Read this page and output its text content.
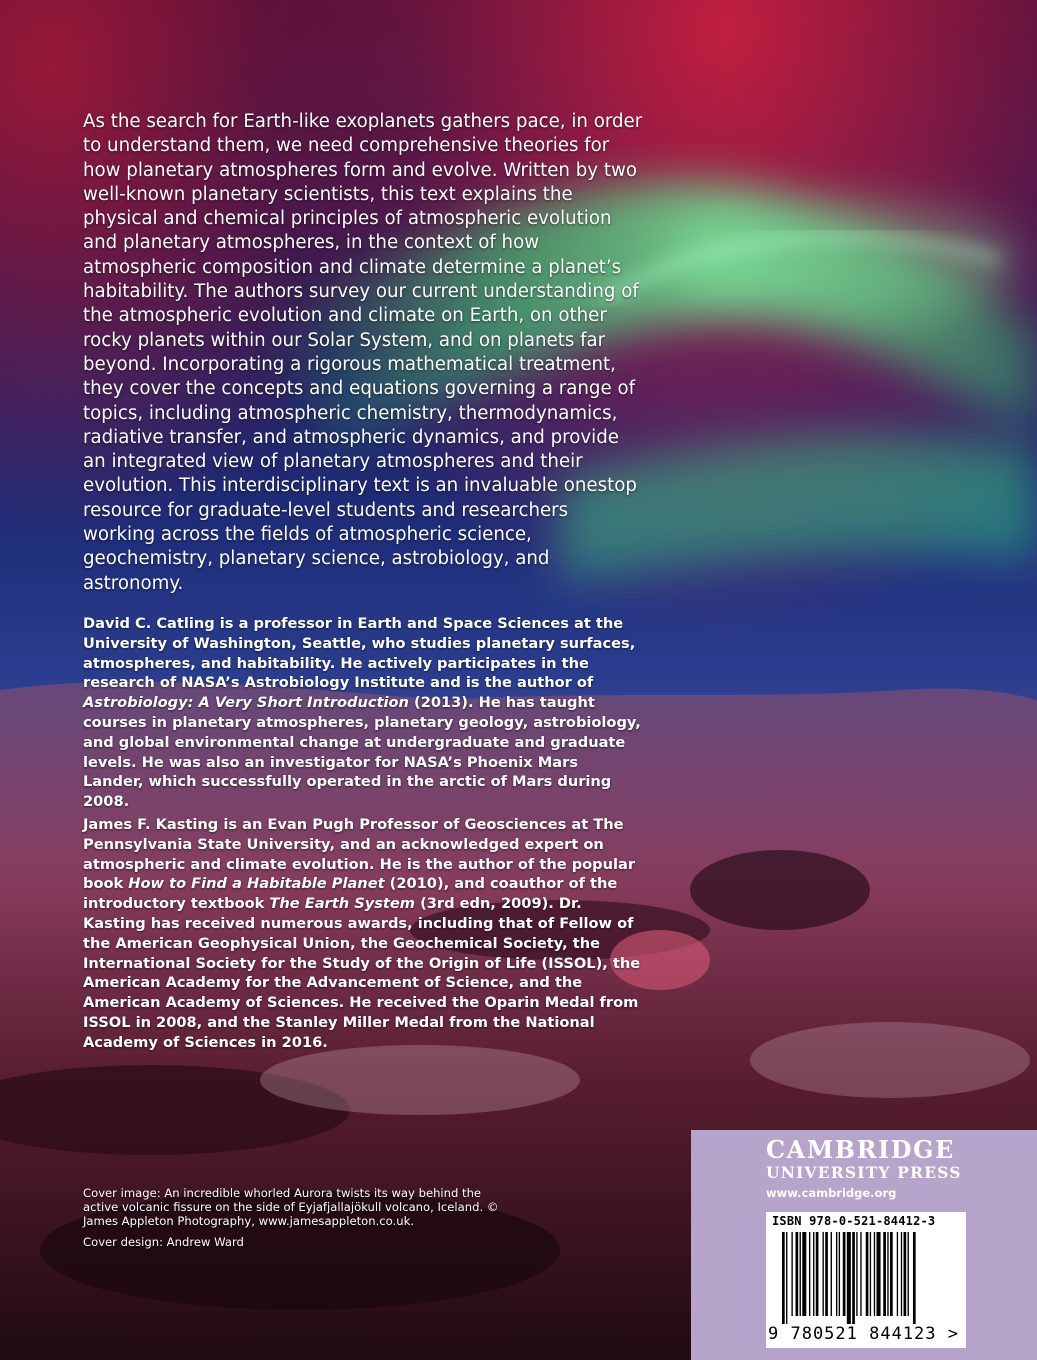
As the search for Earth-like exoplanets gathers pace, in order to understand them, we need comprehensive theories for how planetary atmospheres form and evolve. Written by two well-known planetary scientists, this text explains the physical and chemical principles of atmospheric evolution and planetary atmospheres, in the context of how atmospheric composition and climate determine a planet’s habitability. The authors survey our current understanding of the atmospheric evolution and climate on Earth, on other rocky planets within our Solar System, and on planets far beyond. Incorporating a rigorous mathematical treatment, they cover the concepts and equations governing a range of topics, including atmospheric chemistry, thermodynamics, radiative transfer, and atmospheric dynamics, and provide an integrated view of planetary atmospheres and their evolution. This interdisciplinary text is an invaluable onestop resource for graduate-level students and researchers working across the fields of atmospheric science, geochemistry, planetary science, astrobiology, and astronomy.

David C. Catling is a professor in Earth and Space Sciences at the University of Washington, Seattle, who studies planetary surfaces, atmospheres, and habitability. He actively participates in the research of NASA’s Astrobiology Institute and is the author of Astrobiology: A Very Short Introduction (2013). He has taught courses in planetary atmospheres, planetary geology, astrobiology, and global environmental change at undergraduate and graduate levels. He was also an investigator for NASA’s Phoenix Mars Lander, which successfully operated in the arctic of Mars during 2008.

James F. Kasting is an Evan Pugh Professor of Geosciences at The Pennsylvania State University, and an acknowledged expert on atmospheric and climate evolution. He is the author of the popular book How to Find a Habitable Planet (2010), and coauthor of the introductory textbook The Earth System (3rd edn, 2009). Dr. Kasting has received numerous awards, including that of Fellow of the American Geophysical Union, the Geochemical Society, the International Society for the Study of the Origin of Life (ISSOL), the American Academy for the Advancement of Science, and the American Academy of Sciences. He received the Oparin Medal from ISSOL in 2008, and the Stanley Miller Medal from the National Academy of Sciences in 2016.

Cover image: An incredible whorled Aurora twists its way behind the active volcanic fissure on the side of Eyjafjallajökull volcano, Iceland. © James Appleton Photography, www.jamesappleton.co.uk.

Cover design: Andrew Ward

CAMBRIDGE
UNIVERSITY PRESS
www.cambridge.org
ISBN 978-0-521-84412-3
9 780521 844123 >
